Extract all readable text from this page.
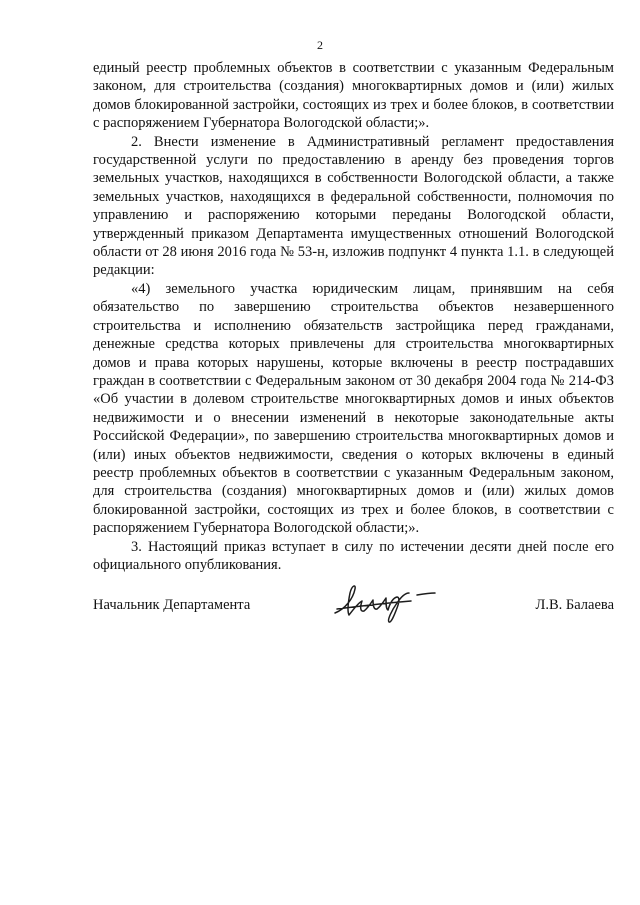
2

единый реестр проблемных объектов в соответствии с указанным Федеральным законом, для строительства (создания) многоквартирных домов и (или) жилых домов блокированной застройки, состоящих из трех и более блоков, в соответствии с распоряжением Губернатора Вологодской области;».

2. Внести изменение в Административный регламент предоставления государственной услуги по предоставлению в аренду без проведения торгов земельных участков, находящихся в собственности Вологодской области, а также земельных участков, находящихся в федеральной собственности, полномочия по управлению и распоряжению которыми переданы Вологодской области, утвержденный приказом Департамента имущественных отношений Вологодской области от 28 июня 2016 года № 53-н, изложив подпункт 4 пункта 1.1. в следующей редакции:

«4) земельного участка юридическим лицам, принявшим на себя обязательство по завершению строительства объектов незавершенного строительства и исполнению обязательств застройщика перед гражданами, денежные средства которых привлечены для строительства многоквартирных домов и права которых нарушены, которые включены в реестр пострадавших граждан в соответствии с Федеральным законом от 30 декабря 2004 года № 214-ФЗ «Об участии в долевом строительстве многоквартирных домов и иных объектов недвижимости и о внесении изменений в некоторые законодательные акты Российской Федерации», по завершению строительства многоквартирных домов и (или) иных объектов недвижимости, сведения о которых включены в единый реестр проблемных объектов в соответствии с указанным Федеральным законом, для строительства (создания) многоквартирных домов и (или) жилых домов блокированной застройки, состоящих из трех и более блоков, в соответствии с распоряжением Губернатора Вологодской области;».

3. Настоящий приказ вступает в силу по истечении десяти дней после его официального опубликования.

Начальник Департамента	Л.В. Балаева
